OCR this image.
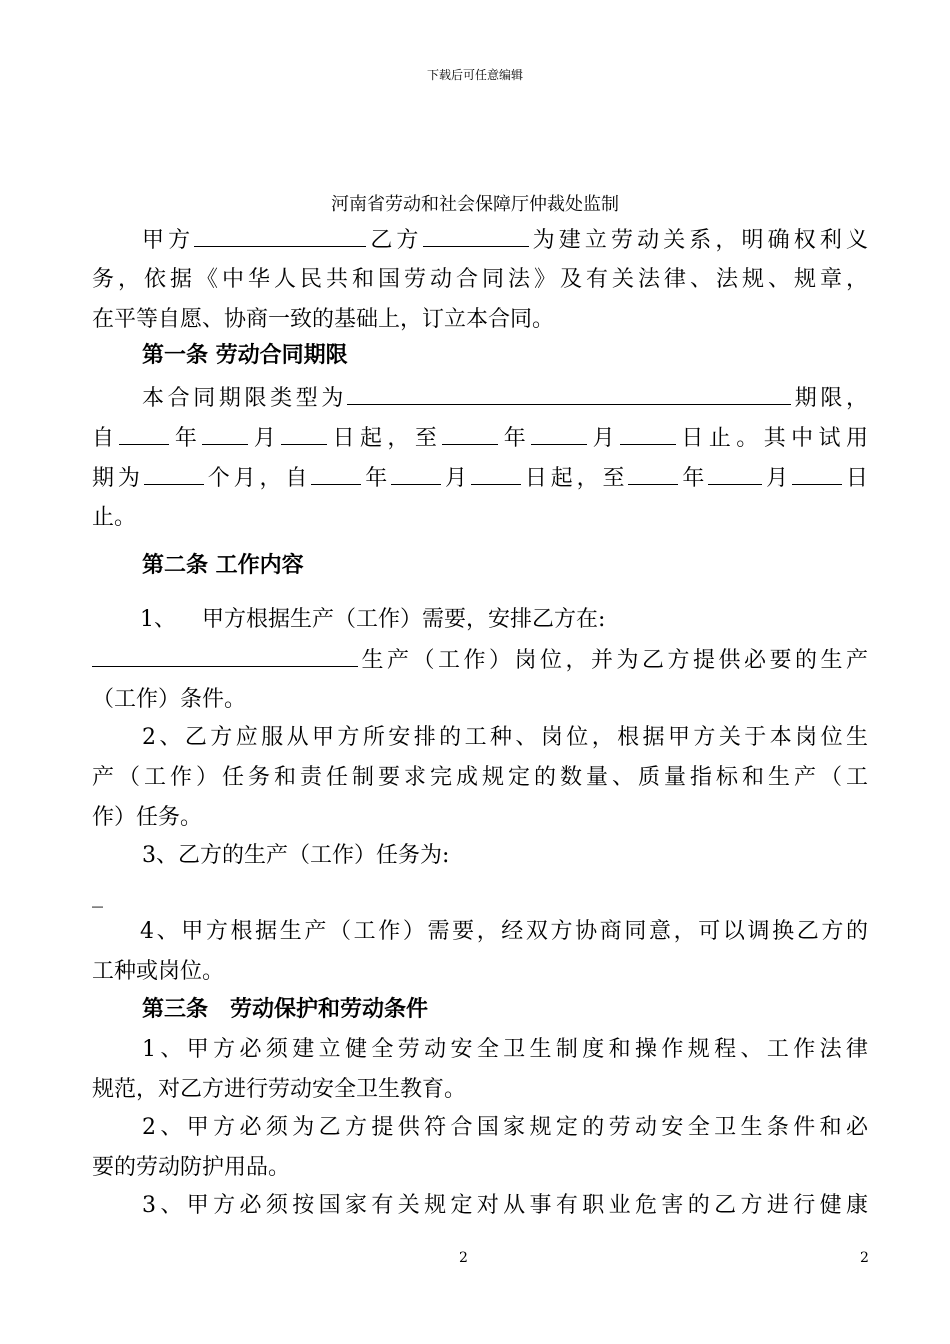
下载后可任意编辑
河南省劳动和社会保障厅仲裁处监制
甲方	乙方	为建立劳动关系，明确权利义
务，依据《中华人民共和国劳动合同法》及有关法律、法规、规章，
在平等自愿、协商一致的基础上，订立本合同。
第一条 劳动合同期限
本合同期限类型为	期限，
自 年 月 日起，至	年	月	日止。其中试用
期为	个月，自 年 月 日起，至 年 月 日
止。
第二条 工作内容
1、 甲方根据生产（工作）需要，安排乙方在:
生产（工作）岗位，并为乙方提供必要的生产
（工作）条件。
2、乙方应服从甲方所安排的工种、岗位，根据甲方关于本岗位生
产（工作）任务和责任制要求完成规定的数量、质量指标和生产（工
作）任务。
3、乙方的生产（工作）任务为:
_
4、甲方根据生产（工作）需要，经双方协商同意，可以调换乙方的
工种或岗位。
第三条　劳动保护和劳动条件
1、甲方必须建立健全劳动安全卫生制度和操作规程、工作法律
规范，对乙方进行劳动安全卫生教育。
2、甲方必须为乙方提供符合国家规定的劳动安全卫生条件和必
要的劳动防护用品。
3、甲方必须按国家有关规定对从事有职业危害的乙方进行健康
2	2
